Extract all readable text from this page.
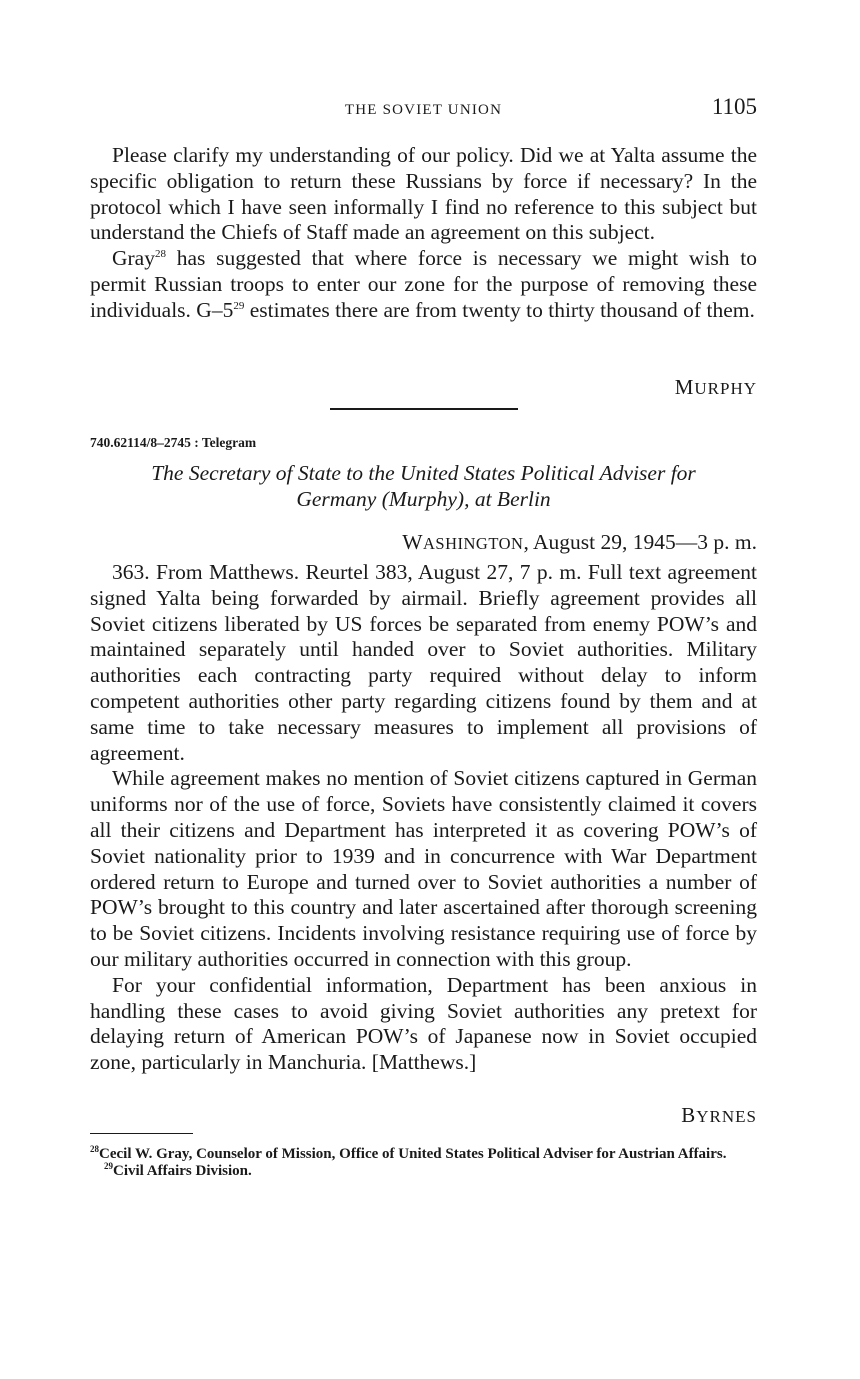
THE SOVIET UNION	1105

Please clarify my understanding of our policy. Did we at Yalta assume the specific obligation to return these Russians by force if necessary? In the protocol which I have seen informally I find no reference to this subject but understand the Chiefs of Staff made an agreement on this subject.

Gray$^{28}$ has suggested that where force is necessary we might wish to permit Russian troops to enter our zone for the purpose of removing these individuals. $G-5^{29}$ estimates there are from twenty to thirty thousand of them.

MURPHY

740.62114/8–2745 : Telegram

The Secretary of State to the United States Political Adviser for

Germany (Murphy), at Berlin

WASHINGTON, August 29, 1945—3 p. m.

363. From Matthews. Reurtel 383, August 27, 7 p. m. Full text agreement signed Yalta being forwarded by airmail. Briefly agreement provides all Soviet citizens liberated by US forces be separated from enemy POW’s and maintained separately until handed over to Soviet authorities. Military authorities each contracting party required without delay to inform competent authorities other party regarding citizens found by them and at same time to take necessary measures to implement all provisions of agreement.

While agreement makes no mention of Soviet citizens captured in German uniforms nor of the use of force, Soviets have consistently claimed it covers all their citizens and Department has interpreted it as covering POW’s of Soviet nationality prior to 1939 and in concurrence with War Department ordered return to Europe and turned over to Soviet authorities a number of POW’s brought to this country and later ascertained after thorough screening to be Soviet citizens. Incidents involving resistance requiring use of force by our military authorities occurred in connection with this group.

For your confidential information, Department has been anxious in handling these cases to avoid giving Soviet authorities any pretext for delaying return of American POW’s of Japanese now in Soviet occupied zone, particularly in Manchuria. [Matthews.]

BYRNES

$^{28}$Cecil W. Gray, Counselor of Mission, Office of United States Political Adviser for Austrian Affairs.

$^{29}$Civil Affairs Division.
